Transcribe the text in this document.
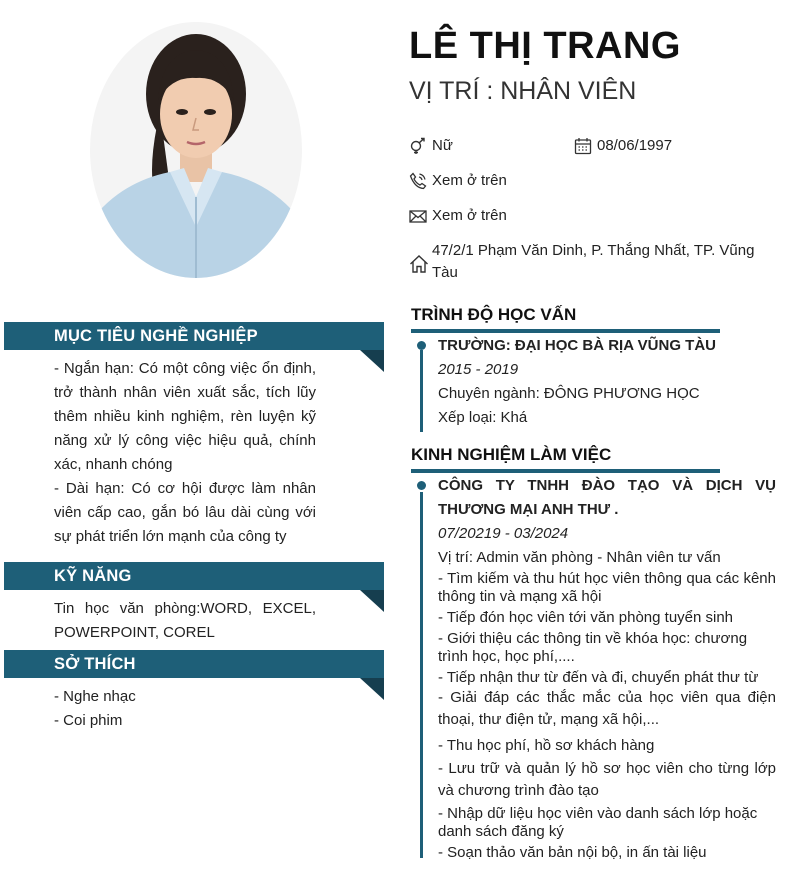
MỤC TIÊU NGHỀ NGHIỆP

- Ngắn hạn: Có một công việc ổn định, trở thành nhân viên xuất sắc, tích lũy thêm nhiều kinh nghiệm, rèn luyện kỹ năng xử lý công việc hiệu quả, chính xác, nhanh chóng

- Dài hạn: Có cơ hội được làm nhân viên cấp cao, gắn bó lâu dài cùng với sự phát triển lớn mạnh của công ty

KỸ NĂNG

Tin học văn phòng:WORD, EXCEL, POWERPOINT, COREL

SỞ THÍCH

- Nghe nhạc

- Coi phim

LÊ THỊ TRANG
VỊ TRÍ : NHÂN VIÊN
Nữ	08/06/1997
Xem ở trên
Xem ở trên
47/2/1 Phạm Văn Dinh, P. Thắng Nhất, TP. Vũng Tàu
TRÌNH ĐỘ HỌC VẤN
TRƯỜNG: ĐẠI HỌC BÀ RỊA VŨNG TÀU
2015 - 2019
Chuyên ngành: ĐÔNG PHƯƠNG HỌC
Xếp loại: Khá
KINH NGHIỆM LÀM VIỆC
CÔNG TY TNHH ĐÀO TẠO VÀ DỊCH VỤ THƯƠNG MẠI ANH THƯ .
07/20219 - 03/2024
Vị trí: Admin văn phòng - Nhân viên tư vấn
- Tìm kiếm và thu hút học viên thông qua các kênh thông tin và mạng xã hội
- Tiếp đón học viên tới văn phòng tuyển sinh
- Giới thiệu các thông tin về khóa học: chương trình học, học phí,....
- Tiếp nhận thư từ đến và đi, chuyển phát thư từ
- Giải đáp các thắc mắc của học viên qua điện thoại, thư điện tử, mạng xã hội,...
- Thu học phí, hồ sơ khách hàng
- Lưu trữ và quản lý hồ sơ học viên cho từng lớp và chương trình đào tạo
- Nhập dữ liệu học viên vào danh sách lớp hoặc danh sách đăng ký
- Soạn thảo văn bản nội bộ, in ấn tài liệu
